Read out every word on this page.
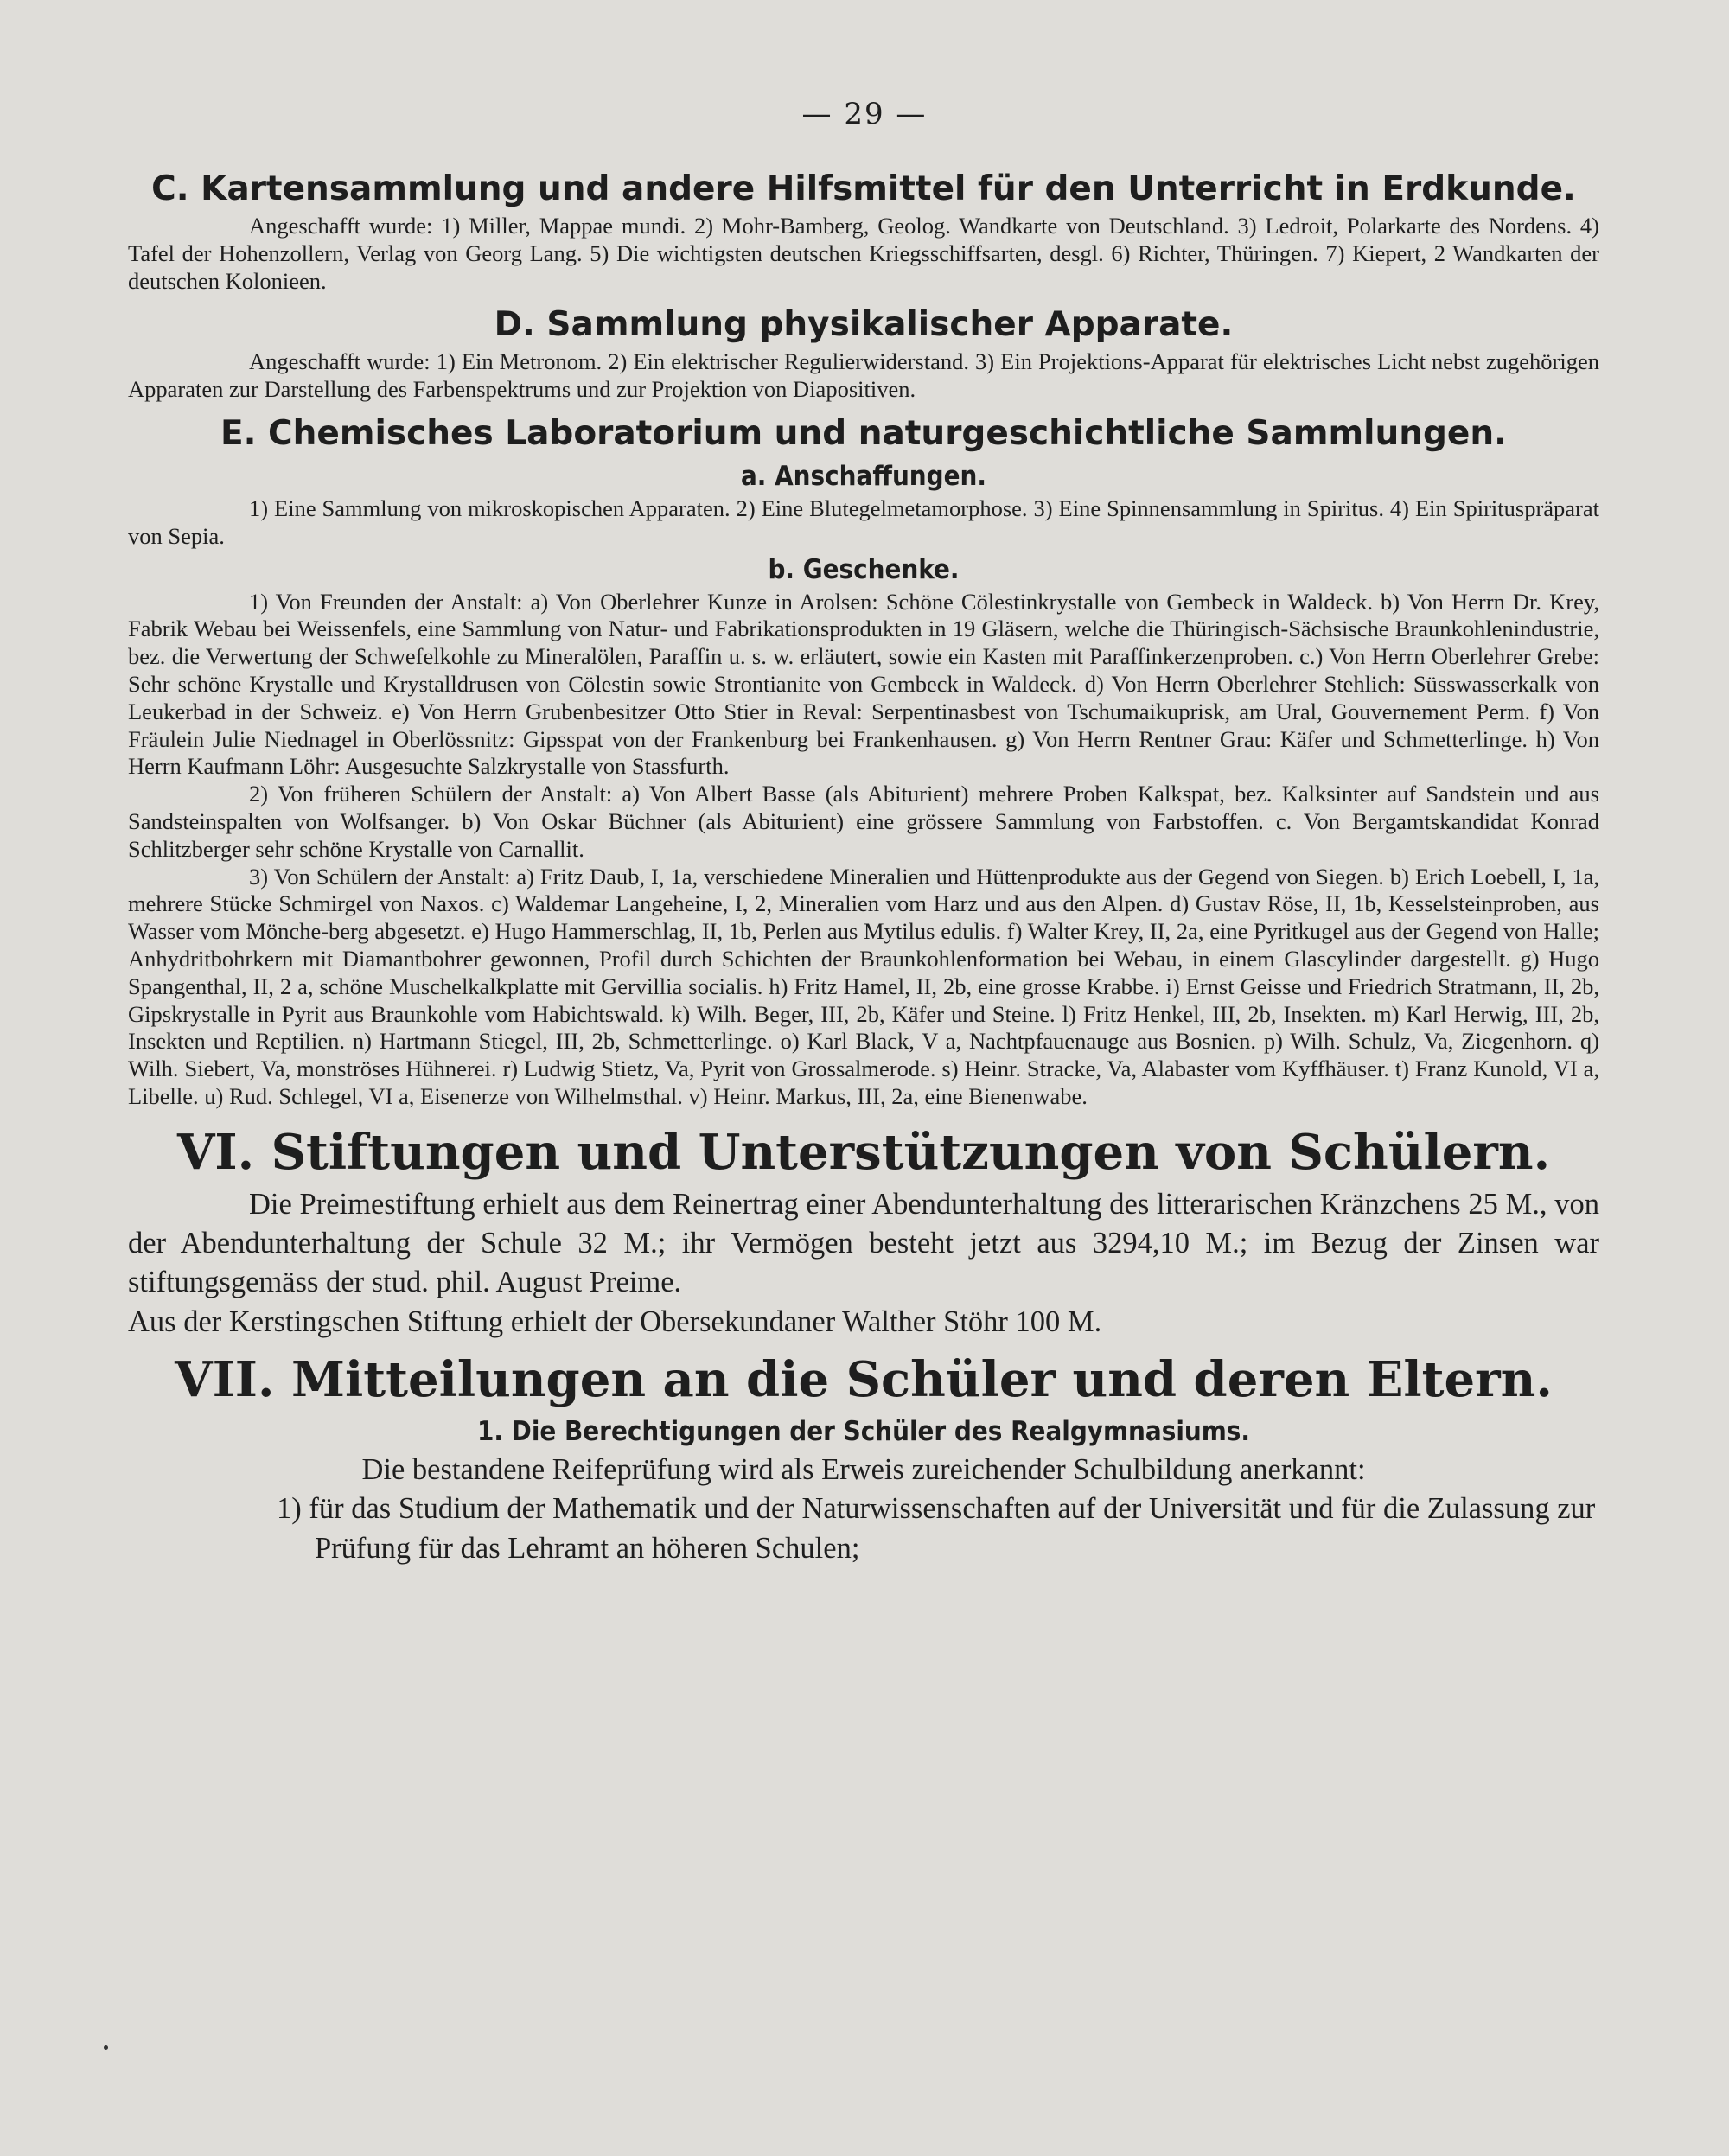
— 29 —
C. Kartensammlung und andere Hilfsmittel für den Unterricht in Erdkunde.

Angeschafft wurde: 1) Miller, Mappae mundi. 2) Mohr-Bamberg, Geolog. Wandkarte von Deutschland. 3) Ledroit, Polarkarte des Nordens. 4) Tafel der Hohenzollern, Verlag von Georg Lang. 5) Die wichtigsten deutschen Kriegsschiffsarten, desgl. 6) Richter, Thüringen. 7) Kiepert, 2 Wandkarten der deutschen Kolonieen.

D. Sammlung physikalischer Apparate.

Angeschafft wurde: 1) Ein Metronom. 2) Ein elektrischer Regulierwiderstand. 3) Ein Projektions-Apparat für elektrisches Licht nebst zugehörigen Apparaten zur Darstellung des Farbenspektrums und zur Projektion von Diapositiven.

E. Chemisches Laboratorium und naturgeschichtliche Sammlungen.
a. Anschaffungen.

1) Eine Sammlung von mikroskopischen Apparaten. 2) Eine Blutegelmetamorphose. 3) Eine Spinnensammlung in Spiritus. 4) Ein Spirituspräparat von Sepia.

b. Geschenke.

1) Von Freunden der Anstalt: a) Von Oberlehrer Kunze in Arolsen: Schöne Cölestinkrystalle von Gembeck in Waldeck. b) Von Herrn Dr. Krey, Fabrik Webau bei Weissenfels, eine Sammlung von Natur- und Fabrikationsprodukten in 19 Gläsern, welche die Thüringisch-Sächsische Braunkohlenindustrie, bez. die Verwertung der Schwefelkohle zu Mineralölen, Paraffin u. s. w. erläutert, sowie ein Kasten mit Paraffinkerzenproben. c.) Von Herrn Oberlehrer Grebe: Sehr schöne Krystalle und Krystalldrusen von Cölestin sowie Strontianite von Gembeck in Waldeck. d) Von Herrn Oberlehrer Stehlich: Süsswasserkalk von Leukerbad in der Schweiz. e) Von Herrn Grubenbesitzer Otto Stier in Reval: Serpentinasbest von Tschumaikuprisk, am Ural, Gouvernement Perm. f) Von Fräulein Julie Niednagel in Oberlössnitz: Gipsspat von der Frankenburg bei Frankenhausen. g) Von Herrn Rentner Grau: Käfer und Schmetterlinge. h) Von Herrn Kaufmann Löhr: Ausgesuchte Salzkrystalle von Stassfurth.

2) Von früheren Schülern der Anstalt: a) Von Albert Basse (als Abiturient) mehrere Proben Kalkspat, bez. Kalksinter auf Sandstein und aus Sandsteinspalten von Wolfsanger. b) Von Oskar Büchner (als Abiturient) eine grössere Sammlung von Farbstoffen. c. Von Bergamtskandidat Konrad Schlitzberger sehr schöne Krystalle von Carnallit.

3) Von Schülern der Anstalt: a) Fritz Daub, I, 1a, verschiedene Mineralien und Hüttenprodukte aus der Gegend von Siegen. b) Erich Loebell, I, 1a, mehrere Stücke Schmirgel von Naxos. c) Waldemar Langeheine, I, 2, Mineralien vom Harz und aus den Alpen. d) Gustav Röse, II, 1b, Kesselsteinproben, aus Wasser vom Mönche-berg abgesetzt. e) Hugo Hammerschlag, II, 1b, Perlen aus Mytilus edulis. f) Walter Krey, II, 2a, eine Pyritkugel aus der Gegend von Halle; Anhydritbohrkern mit Diamantbohrer gewonnen, Profil durch Schichten der Braunkohlenformation bei Webau, in einem Glascylinder dargestellt. g) Hugo Spangenthal, II, 2 a, schöne Muschelkalkplatte mit Gervillia socialis. h) Fritz Hamel, II, 2b, eine grosse Krabbe. i) Ernst Geisse und Friedrich Stratmann, II, 2b, Gipskrystalle in Pyrit aus Braunkohle vom Habichtswald. k) Wilh. Beger, III, 2b, Käfer und Steine. l) Fritz Henkel, III, 2b, Insekten. m) Karl Herwig, III, 2b, Insekten und Reptilien. n) Hartmann Stiegel, III, 2b, Schmetterlinge. o) Karl Black, V a, Nachtpfauenauge aus Bosnien. p) Wilh. Schulz, Va, Ziegenhorn. q) Wilh. Siebert, Va, monströses Hühnerei. r) Ludwig Stietz, Va, Pyrit von Grossalmerode. s) Heinr. Stracke, Va, Alabaster vom Kyffhäuser. t) Franz Kunold, VI a, Libelle. u) Rud. Schlegel, VI a, Eisenerze von Wilhelmsthal. v) Heinr. Markus, III, 2a, eine Bienenwabe.

VI. Stiftungen und Unterstützungen von Schülern.

Die Preimestiftung erhielt aus dem Reinertrag einer Abendunterhaltung des litterarischen Kränzchens 25 M., von der Abendunterhaltung der Schule 32 M.; ihr Vermögen besteht jetzt aus 3294,10 M.; im Bezug der Zinsen war stiftungsgemäss der stud. phil. August Preime.

Aus der Kerstingschen Stiftung erhielt der Obersekundaner Walther Stöhr 100 M.

VII. Mitteilungen an die Schüler und deren Eltern.
1. Die Berechtigungen der Schüler des Realgymnasiums.

Die bestandene Reifeprüfung wird als Erweis zureichender Schulbildung anerkannt:

1) für das Studium der Mathematik und der Naturwissenschaften auf der Universität und für die Zulassung zur Prüfung für das Lehramt an höheren Schulen;
